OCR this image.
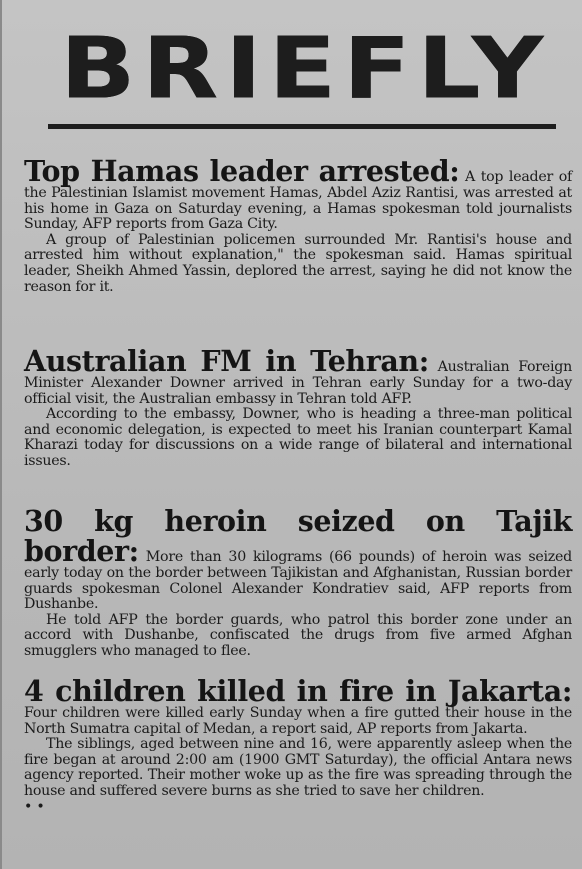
BRIEFLY

Top Hamas leader arrested: A top leader of the Palestinian Islamist movement Hamas, Abdel Aziz Rantisi, was arrested at his home in Gaza on Saturday evening, a Hamas spokesman told journalists Sunday, AFP reports from Gaza City.

A group of Palestinian policemen surrounded Mr. Rantisi's house and arrested him without explanation," the spokesman said. Hamas spiritual leader, Sheikh Ahmed Yassin, deplored the arrest, saying he did not know the reason for it.

Australian FM in Tehran: Australian Foreign Minister Alexander Downer arrived in Tehran early Sunday for a two-day official visit, the Australian embassy in Tehran told AFP.

According to the embassy, Downer, who is heading a three-man political and economic delegation, is expected to meet his Iranian counterpart Kamal Kharazi today for discussions on a wide range of bilateral and international issues.

30 kg heroin seized on Tajik border: More than 30 kilograms (66 pounds) of heroin was seized early today on the border between Tajikistan and Afghanistan, Russian border guards spokesman Colonel Alexander Kondratiev said, AFP reports from Dushanbe.

He told AFP the border guards, who patrol this border zone under an accord with Dushanbe, confiscated the drugs from five armed Afghan smugglers who managed to flee.

4 children killed in fire in Jakarta: Four children were killed early Sunday when a fire gutted their house in the North Sumatra capital of Medan, a report said, AP reports from Jakarta.

The siblings, aged between nine and 16, were apparently asleep when the fire began at around 2:00 am (1900 GMT Saturday), the official Antara news agency reported. Their mother woke up as the fire was spreading through the house and suffered severe burns as she tried to save her children.

• •
